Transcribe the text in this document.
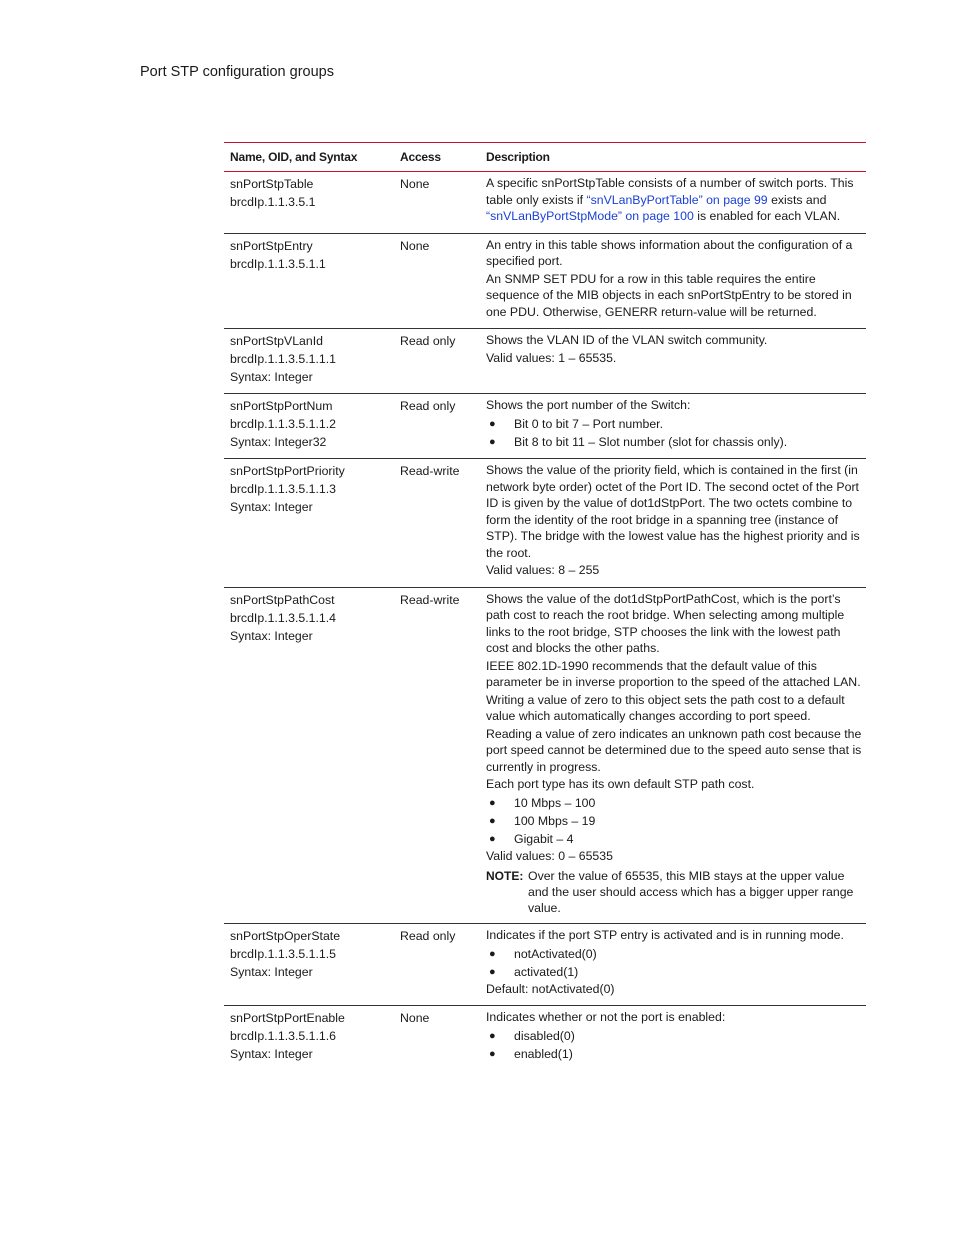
Port STP configuration groups
Name, OID, and Syntax	Access	Description
snPortStpTable
brcdIp.1.1.3.5.1
None	A specific snPortStpTable consists of a number of switch ports. This table only exists if “snVLanByPortTable” on page 99 exists and “snVLanByPortStpMode” on page 100 is enabled for each VLAN.

snPortStpEntry
brcdIp.1.1.3.5.1.1
None	An entry in this table shows information about the configuration of a specified port.

An SNMP SET PDU for a row in this table requires the entire sequence of the MIB objects in each snPortStpEntry to be stored in one PDU. Otherwise, GENERR return-value will be returned.

snPortStpVLanId
brcdIp.1.1.3.5.1.1.1
Syntax: Integer
Read only	Shows the VLAN ID of the VLAN switch community.

Valid values: 1 – 65535.

snPortStpPortNum
brcdIp.1.1.3.5.1.1.2
Syntax: Integer32
Read only	Shows the port number of the Switch:

●	Bit 0 to bit 7 – Port number.
●	Bit 8 to bit 11 – Slot number (slot for chassis only).
snPortStpPortPriority
brcdIp.1.1.3.5.1.1.3
Syntax: Integer
Read-write	Shows the value of the priority field, which is contained in the first (in network byte order) octet of the Port ID. The second octet of the Port ID is given by the value of dot1dStpPort. The two octets combine to form the identity of the root bridge in a spanning tree (instance of STP). The bridge with the lowest value has the highest priority and is the root.

Valid values: 8 – 255

snPortStpPathCost
brcdIp.1.1.3.5.1.1.4
Syntax: Integer
Read-write	Shows the value of the dot1dStpPortPathCost, which is the port’s path cost to reach the root bridge. When selecting among multiple links to the root bridge, STP chooses the link with the lowest path cost and blocks the other paths.

IEEE 802.1D-1990 recommends that the default value of this parameter be in inverse proportion to the speed of the attached LAN.

Writing a value of zero to this object sets the path cost to a default value which automatically changes according to port speed.

Reading a value of zero indicates an unknown path cost because the port speed cannot be determined due to the speed auto sense that is currently in progress.

Each port type has its own default STP path cost.

●	10 Mbps – 100
●	100 Mbps – 19
●	Gigabit – 4

Valid values: 0 – 65535

NOTE: Over the value of 65535, this MIB stays at the upper value and the user should access which has a bigger upper range value.
snPortStpOperState
brcdIp.1.1.3.5.1.1.5
Syntax: Integer
Read only	Indicates if the port STP entry is activated and is in running mode.

●	notActivated(0)
●	activated(1)

Default: notActivated(0)

snPortStpPortEnable
brcdIp.1.1.3.5.1.1.6
Syntax: Integer
None	Indicates whether or not the port is enabled:

●	disabled(0)
●	enabled(1)
